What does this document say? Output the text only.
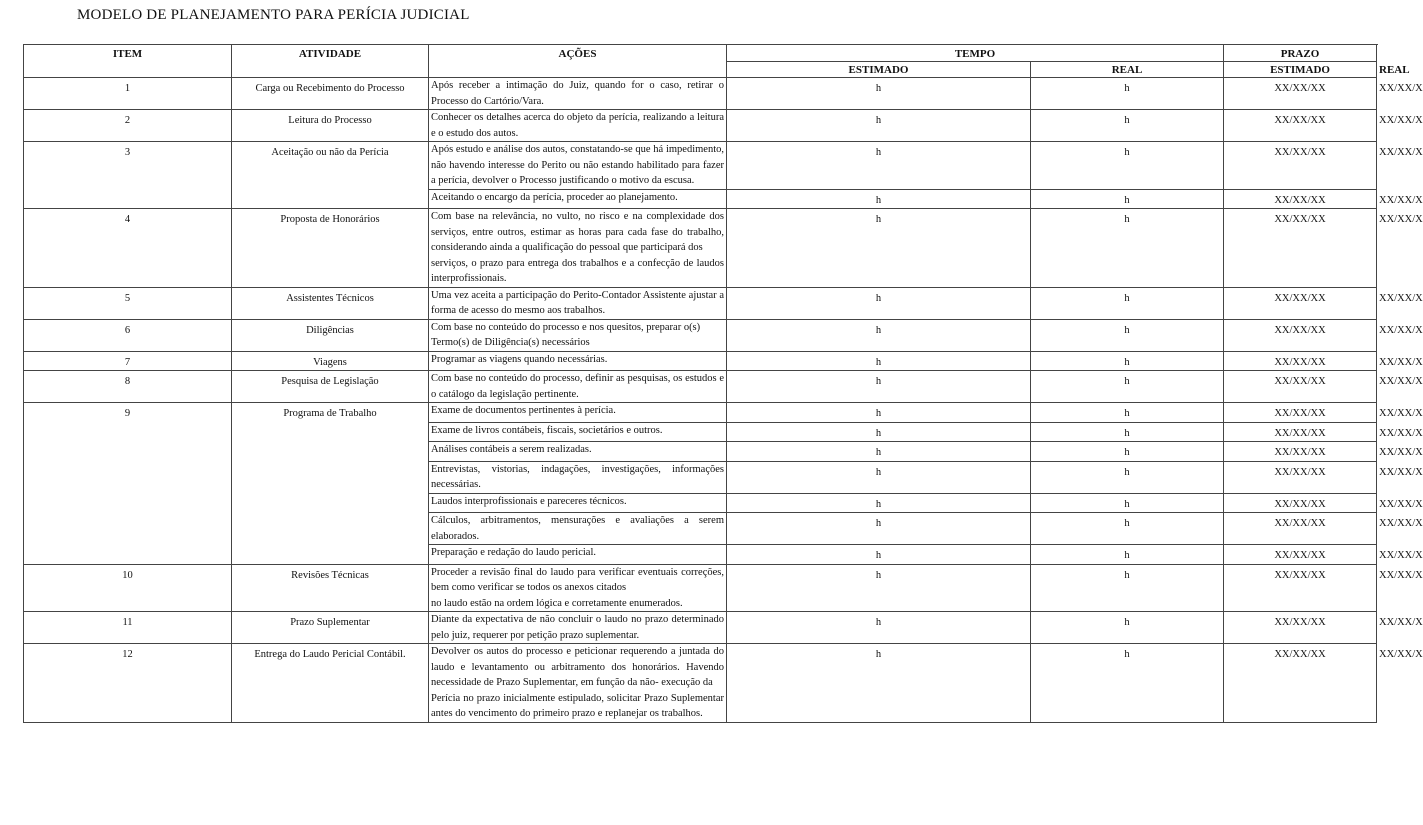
MODELO DE PLANEJAMENTO PARA PERÍCIA JUDICIAL
ITEM	ATIVIDADE	AÇÕES	TEMPO		PRAZO	
			ESTIMADO	REAL	ESTIMADO	REAL
1	Carga ou Recebimento do Processo	Após receber a intimação do Juiz, quando for o caso, retirar o Processo do Cartório/Vara.	h	h	XX/XX/XX	XX/XX/X
2	Leitura do Processo	Conhecer os detalhes acerca do objeto da perícia, realizando a leitura e o estudo dos autos.	h	h	XX/XX/XX	XX/XX/X
3	Aceitação ou não da Perícia	Após estudo e análise dos autos, constatando-se que há impedimento, não havendo interesse do Perito ou não estando habilitado para fazer a perícia, devolver o Processo justificando o motivo da escusa.	h	h	XX/XX/XX	XX/XX/X
		Aceitando o encargo da perícia, proceder ao planejamento.	h	h	XX/XX/XX	XX/XX/X
4	Proposta de Honorários	Com base na relevância, no vulto, no risco e na complexidade dos serviços, entre outros, estimar as horas para cada fase do trabalho, considerando ainda a qualificação do pessoal que participará dos
serviços, o prazo para entrega dos trabalhos e a confecção de laudos interprofissionais.	h	h	XX/XX/XX	XX/XX/X
5	Assistentes Técnicos	Uma vez aceita a participação do Perito-Contador Assistente ajustar a forma de acesso do mesmo aos trabalhos.	h	h	XX/XX/XX	XX/XX/X
6	Diligências	Com base no conteúdo do processo e nos quesitos, preparar o(s)
Termo(s) de Diligência(s) necessários	h	h	XX/XX/XX	XX/XX/X
7	Viagens	Programar as viagens quando necessárias.	h	h	XX/XX/XX	XX/XX/X
8	Pesquisa de Legislação	Com base no conteúdo do processo, definir as pesquisas, os estudos e o catálogo da legislação pertinente.	h	h	XX/XX/XX	XX/XX/X
9	Programa de Trabalho	Exame de documentos pertinentes à perícia.	h	h	XX/XX/XX	XX/XX/X
		Exame de livros contábeis, fiscais, societários e outros.	h	h	XX/XX/XX	XX/XX/X
		Análises contábeis a serem realizadas.	h	h	XX/XX/XX	XX/XX/X
		Entrevistas, vistorias, indagações, investigações, informações necessárias.	h	h	XX/XX/XX	XX/XX/X
		Laudos interprofissionais e pareceres técnicos.	h	h	XX/XX/XX	XX/XX/X
		Cálculos, arbitramentos, mensurações e avaliações a serem elaborados.	h	h	XX/XX/XX	XX/XX/X
		Preparação e redação do laudo pericial.	h	h	XX/XX/XX	XX/XX/X
10	Revisões Técnicas	Proceder a revisão final do laudo para verificar eventuais correções, bem como verificar se todos os anexos citados
no laudo estão na ordem lógica e corretamente enumerados.	h	h	XX/XX/XX	XX/XX/X
11	Prazo Suplementar	Diante da expectativa de não concluir o laudo no prazo determinado pelo juiz, requerer por petição prazo suplementar.	h	h	XX/XX/XX	XX/XX/X
12	Entrega do Laudo Pericial Contábil.	Devolver os autos do processo e peticionar requerendo a juntada do laudo e levantamento ou arbitramento dos honorários. Havendo necessidade de Prazo Suplementar, em função da não- execução da
Perícia no prazo inicialmente estipulado, solicitar Prazo Suplementar antes do vencimento do primeiro prazo e replanejar os trabalhos.	h	h	XX/XX/XX	XX/XX/X
